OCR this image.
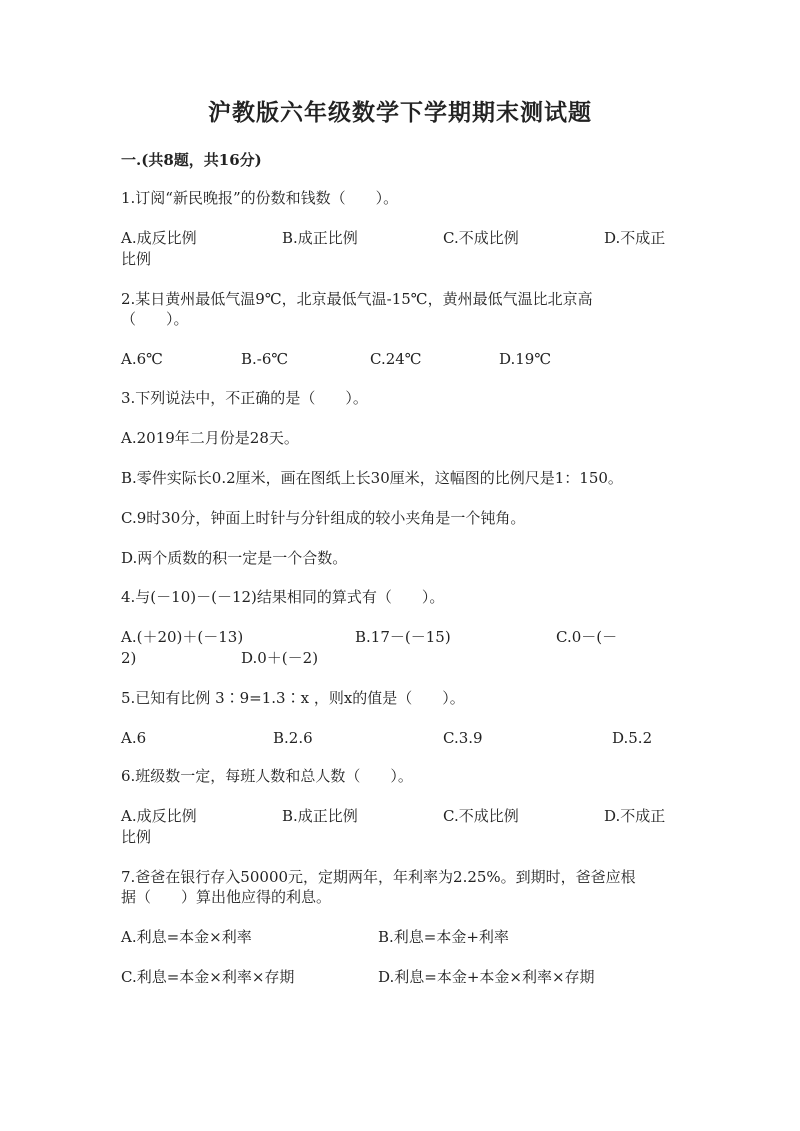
沪教版六年级数学下学期期末测试题
一.(共8题，共16分)
1.订阅“新民晚报”的份数和钱数（　　）。
A.成反比例	B.成正比例	C.不成比例	D.不成正
比例
2.某日黄州最低气温9℃，北京最低气温-15℃，黄州最低气温比北京高
（　　）。
A.6℃	B.-6℃	C.24℃	D.19℃
3.下列说法中，不正确的是（　　）。
A.2019年二月份是28天。
B.零件实际长0.2厘米，画在图纸上长30厘米，这幅图的比例尺是1：150。
C.9时30分，钟面上时针与分针组成的较小夹角是一个钝角。
D.两个质数的积一定是一个合数。
4.与(－10)－(－12)结果相同的算式有（　　）。
A.(＋20)＋(－13)	B.17－(－15)	C.0－(－
2)	D.0＋(－2)
5.已知有比例 3∶9=1.3∶x ，则x的值是（　　）。
A.6	B.2.6	C.3.9	D.5.2
6.班级数一定，每班人数和总人数（　　）。
A.成反比例	B.成正比例	C.不成比例	D.不成正
比例
7.爸爸在银行存入50000元，定期两年，年利率为2.25%。到期时，爸爸应根
据（　　）算出他应得的利息。
A.利息=本金×利率	B.利息=本金+利率
C.利息=本金×利率×存期	D.利息=本金+本金×利率×存期
